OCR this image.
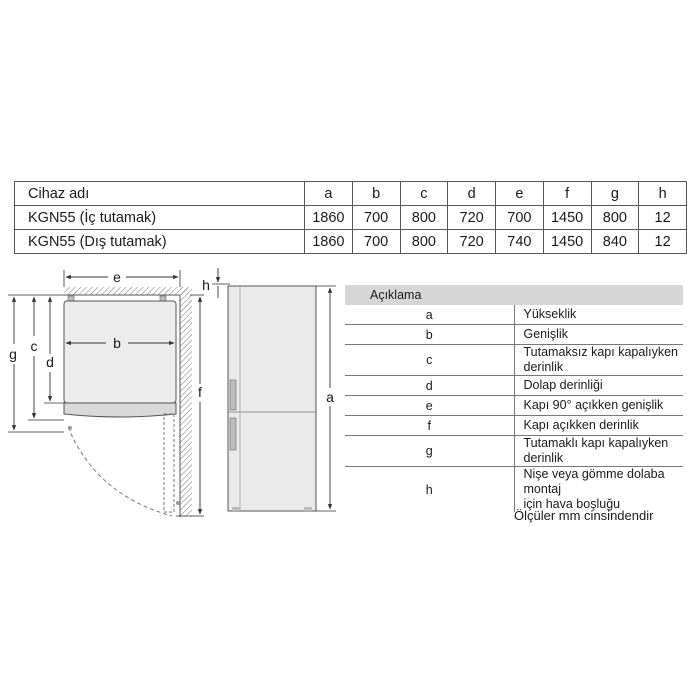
Cihaz adı	a	b	c	d	e	f	g	h
KGN55 (İç tutamak)	1860	700	800	720	700	1450	800	12
KGN55 (Dış tutamak)	1860	700	800	720	740	1450	840	12
e
b
g c
d
f
h
a
Açıklama	
a	Yükseklik
b	Genişlik
c	Tutamaksız kapı kapalıyken derinlik
d	Dolap derinliği
e	Kapı 90° açıkken genişlik
f	Kapı açıkken derinlik
g	Tutamaklı kapı kapalıyken derinlik
h	Nişe veya gömme dolaba montaj
için hava boşluğu
Ölçüler mm cinsindendir
